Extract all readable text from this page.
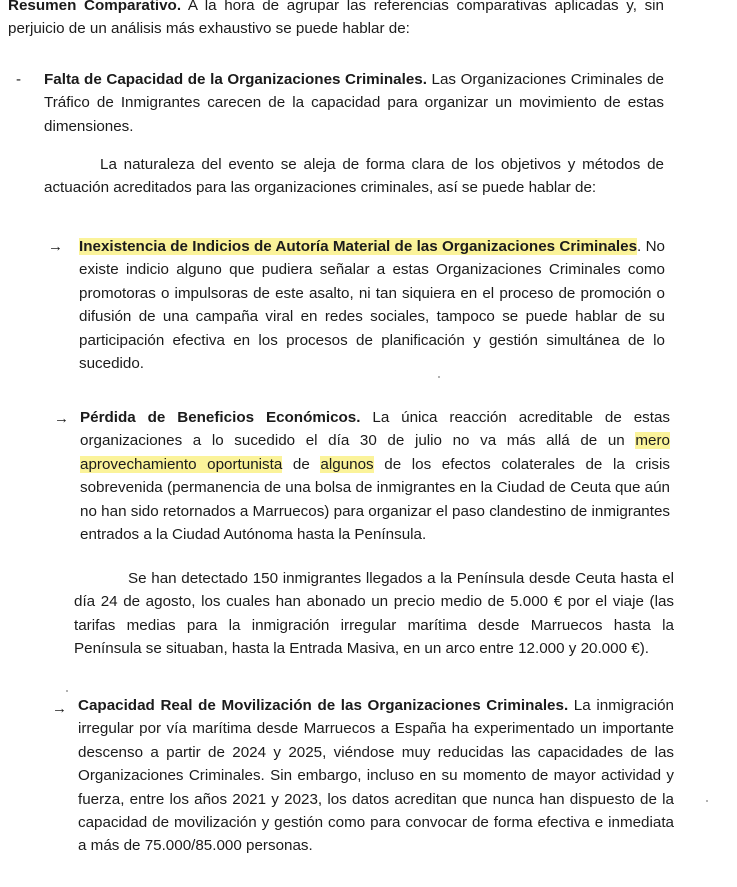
Resumen Comparativo. A la hora de agrupar las referencias comparativas aplicadas y, sin perjuicio de un análisis más exhaustivo se puede hablar de:

- Falta de Capacidad de la Organizaciones Criminales. Las Organizaciones Criminales de Tráfico de Inmigrantes carecen de la capacidad para organizar un movimiento de estas dimensiones.

La naturaleza del evento se aleja de forma clara de los objetivos y métodos de actuación acreditados para las organizaciones criminales, así se puede hablar de:

→ Inexistencia de Indicios de Autoría Material de las Organizaciones Criminales. No existe indicio alguno que pudiera señalar a estas Organizaciones Criminales como promotoras o impulsoras de este asalto, ni tan siquiera en el proceso de promoción o difusión de una campaña viral en redes sociales, tampoco se puede hablar de su participación efectiva en los procesos de planificación y gestión simultánea de lo sucedido.

→ Pérdida de Beneficios Económicos. La única reacción acreditable de estas organizaciones a lo sucedido el día 30 de julio no va más allá de un mero aprovechamiento oportunista de algunos de los efectos colaterales de la crisis sobrevenida (permanencia de una bolsa de inmigrantes en la Ciudad de Ceuta que aún no han sido retornados a Marruecos) para organizar el paso clandestino de inmigrantes entrados a la Ciudad Autónoma hasta la Península.

Se han detectado 150 inmigrantes llegados a la Península desde Ceuta hasta el día 24 de agosto, los cuales han abonado un precio medio de 5.000 € por el viaje (las tarifas medias para la inmigración irregular marítima desde Marruecos hasta la Península se situaban, hasta la Entrada Masiva, en un arco entre 12.000 y 20.000 €).

→ Capacidad Real de Movilización de las Organizaciones Criminales. La inmigración irregular por vía marítima desde Marruecos a España ha experimentado un importante descenso a partir de 2024 y 2025, viéndose muy reducidas las capacidades de las Organizaciones Criminales. Sin embargo, incluso en su momento de mayor actividad y fuerza, entre los años 2021 y 2023, los datos acreditan que nunca han dispuesto de la capacidad de movilización y gestión como para convocar de forma efectiva e inmediata a más de 75.000/85.000 personas.
